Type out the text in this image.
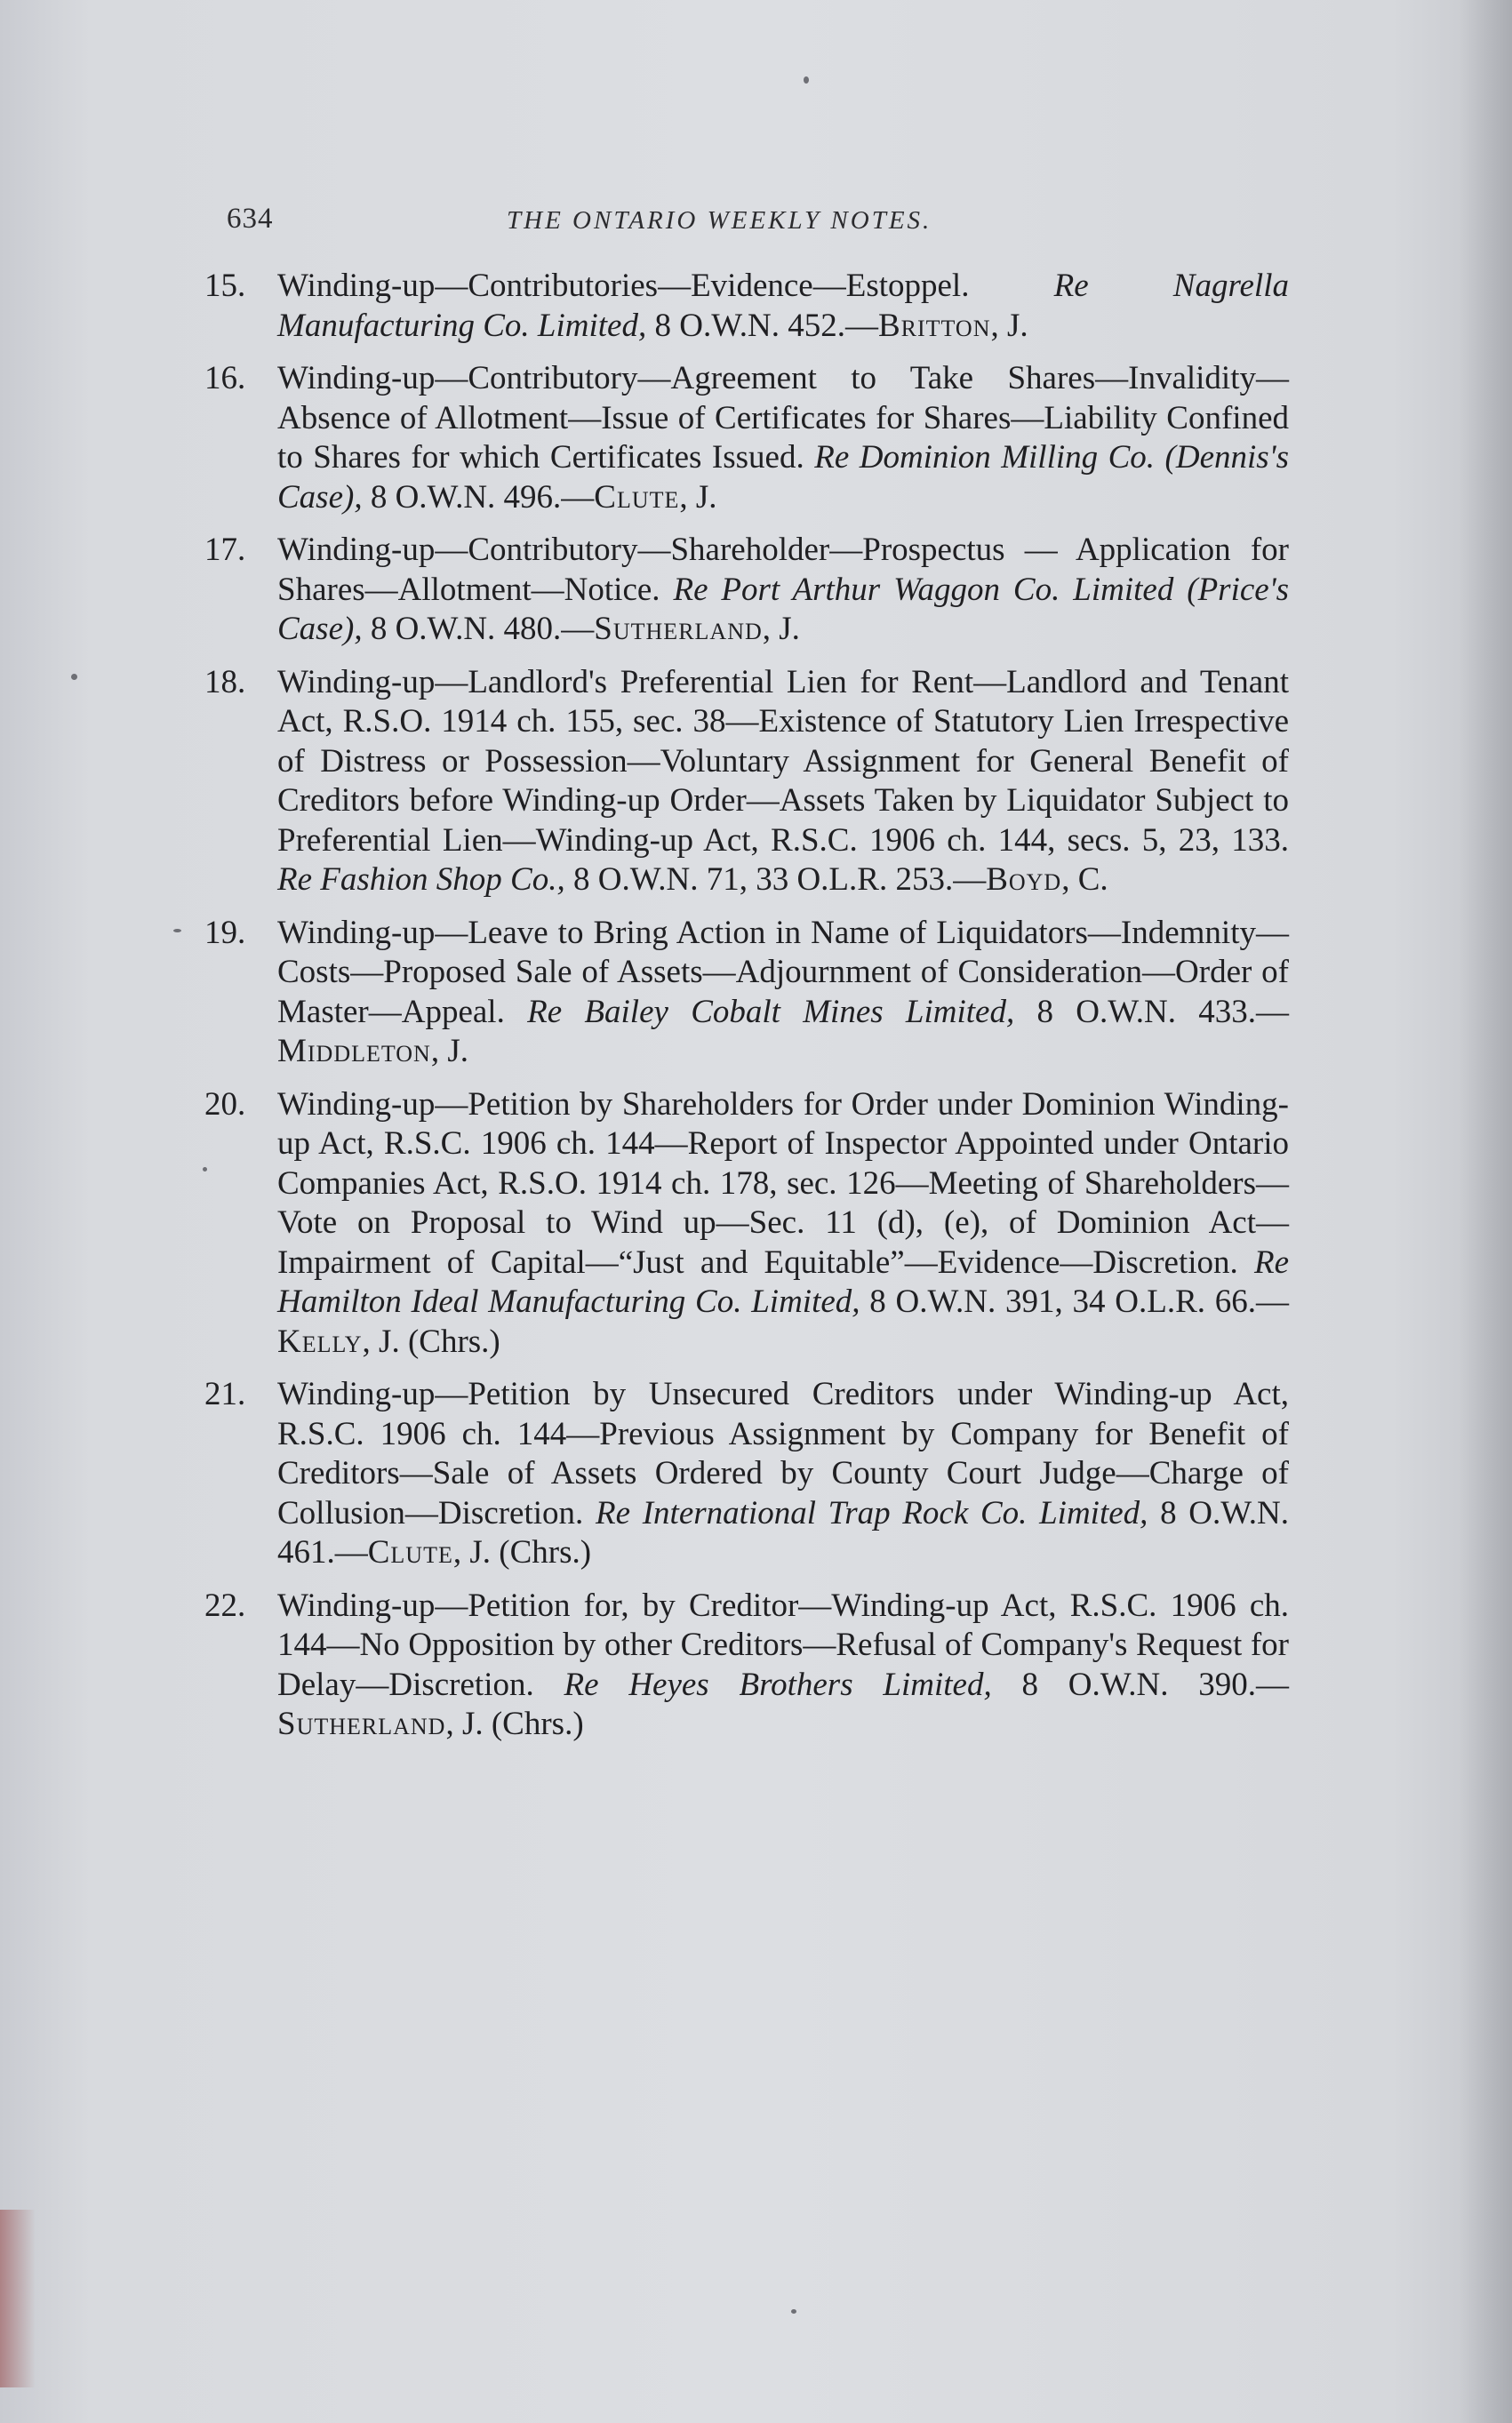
634	THE ONTARIO WEEKLY NOTES.
15. Winding-up—Contributories—Evidence—Estoppel.	Re Nagrella Manufacturing Co. Limited, 8 O.W.N. 452.—Britton, J.
16. Winding-up—Contributory—Agreement to Take Shares—Invalidity—Absence of Allotment—Issue of Certificates for Shares—Liability Confined to Shares for which Certificates Issued. Re Dominion Milling Co. (Dennis's Case), 8 O.W.N. 496.—Clute, J.
17. Winding-up—Contributory—Shareholder—Prospectus — Application for Shares—Allotment—Notice. Re Port Arthur Waggon Co. Limited (Price's Case), 8 O.W.N. 480.—Sutherland, J.
18. Winding-up—Landlord's Preferential Lien for Rent—Landlord and Tenant Act, R.S.O. 1914 ch. 155, sec. 38—Existence of Statutory Lien Irrespective of Distress or Possession—Voluntary Assignment for General Benefit of Creditors before Winding-up Order—Assets Taken by Liquidator Subject to Preferential Lien—Winding-up Act, R.S.C. 1906 ch. 144, secs. 5, 23, 133. Re Fashion Shop Co., 8 O.W.N. 71, 33 O.L.R. 253.—Boyd, C.
19. Winding-up—Leave to Bring Action in Name of Liquidators—Indemnity—Costs—Proposed Sale of Assets—Adjournment of Consideration—Order of Master—Appeal. Re Bailey Cobalt Mines Limited, 8 O.W.N. 433.—Middleton, J.
20. Winding-up—Petition by Shareholders for Order under Dominion Winding-up Act, R.S.C. 1906 ch. 144—Report of Inspector Appointed under Ontario Companies Act, R.S.O. 1914 ch. 178, sec. 126—Meeting of Shareholders—Vote on Proposal to Wind up—Sec. 11 (d), (e), of Dominion Act—Impairment of Capital—“Just and Equitable”—Evidence—Discretion. Re Hamilton Ideal Manufacturing Co. Limited, 8 O.W.N. 391, 34 O.L.R. 66.—Kelly, J. (Chrs.)
21. Winding-up—Petition by Unsecured Creditors under Winding-up Act, R.S.C. 1906 ch. 144—Previous Assignment by Company for Benefit of Creditors—Sale of Assets Ordered by County Court Judge—Charge of Collusion—Discretion. Re International Trap Rock Co. Limited, 8 O.W.N. 461.—Clute, J. (Chrs.)
22. Winding-up—Petition for, by Creditor—Winding-up Act, R.S.C. 1906 ch. 144—No Opposition by other Creditors—Refusal of Company's Request for Delay—Discretion. Re Heyes Brothers Limited, 8 O.W.N. 390.—Sutherland, J. (Chrs.)
